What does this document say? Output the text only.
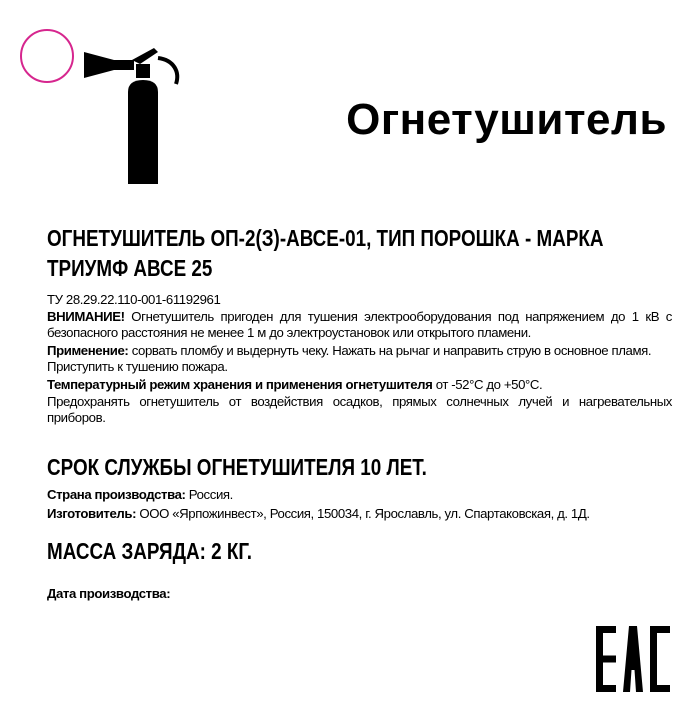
Огнетушитель
ОГНЕТУШИТЕЛЬ ОП-2(З)-АВСЕ-01, ТИП ПОРОШКА - МАРКА
ТРИУМФ АВСЕ 25
ТУ 28.29.22.110-001-61192961
ВНИМАНИЕ! Огнетушитель пригоден для тушения электрооборудования под напряжением до 1 кВ с безопасного расстояния не менее 1 м до электроустановок или открытого пламени.
Применение: сорвать пломбу и выдернуть чеку. Нажать на рычаг и направить струю в основное пламя. Приступить к тушению пожара.
Температурный режим хранения и применения огнетушителя от -52°С до +50°С.
Предохранять огнетушитель от воздействия осадков, прямых солнечных лучей и нагревательных приборов.
СРОК СЛУЖБЫ ОГНЕТУШИТЕЛЯ 10 ЛЕТ.
Страна производства: Россия.
Изготовитель: ООО «Ярпожинвест», Россия, 150034, г. Ярославль, ул. Спартаковская, д. 1Д.
МАССА ЗАРЯДА: 2 КГ.
Дата производства:
